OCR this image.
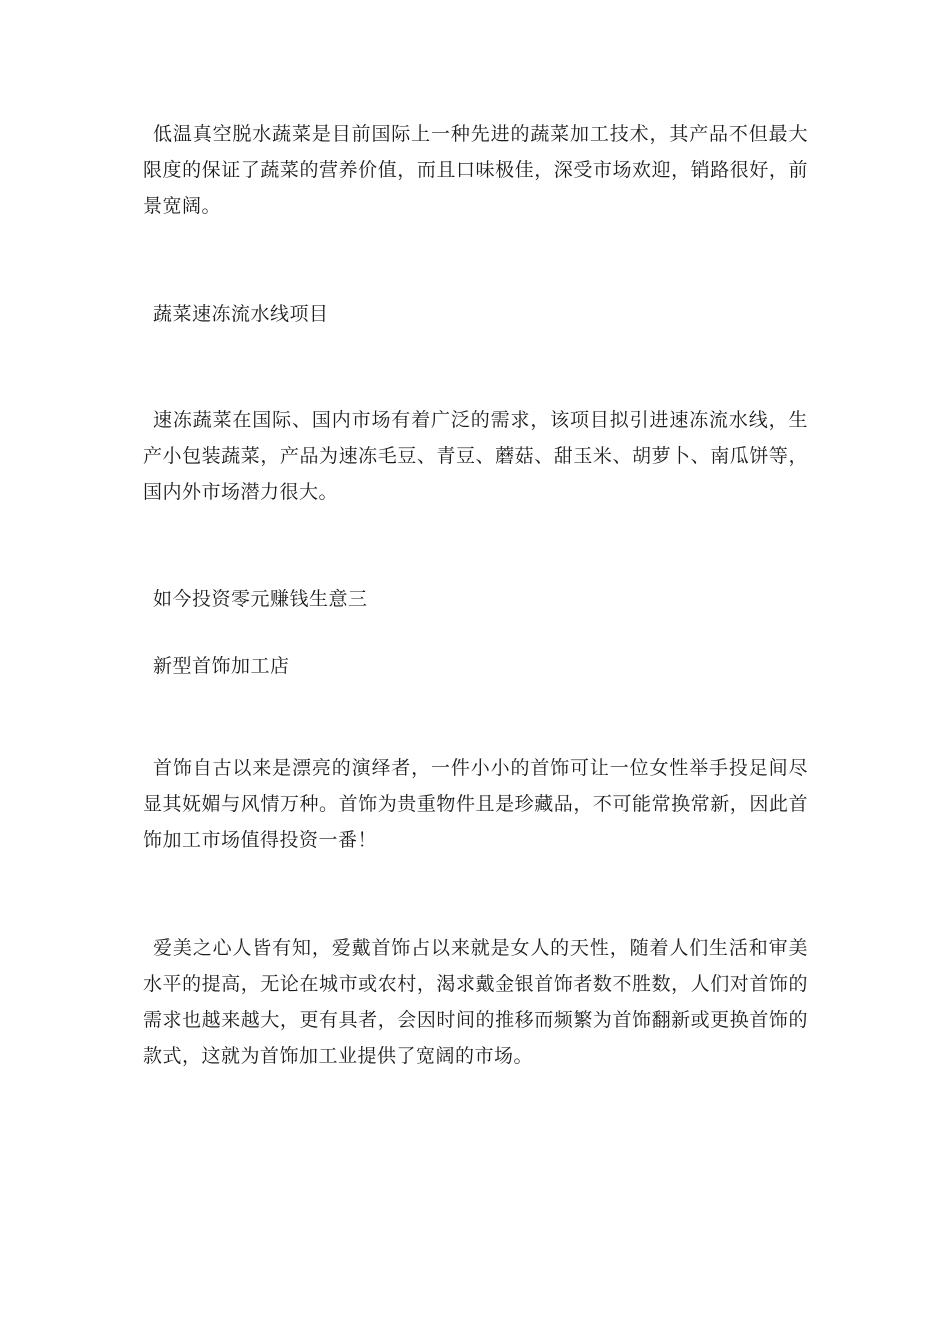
低温真空脱水蔬菜是目前国际上一种先进的蔬菜加工技术，其产品不但最大限度的保证了蔬菜的营养价值，而且口味极佳，深受市场欢迎，销路很好，前景宽阔。

蔬菜速冻流水线项目

速冻蔬菜在国际、国内市场有着广泛的需求，该项目拟引进速冻流水线，生产小包装蔬菜，产品为速冻毛豆、青豆、蘑菇、甜玉米、胡萝卜、南瓜饼等，国内外市场潜力很大。

如今投资零元赚钱生意三

新型首饰加工店

首饰自古以来是漂亮的演绎者，一件小小的首饰可让一位女性举手投足间尽显其妩媚与风情万种。首饰为贵重物件且是珍藏品，不可能常换常新，因此首饰加工市场值得投资一番！

爱美之心人皆有知，爱戴首饰占以来就是女人的天性，随着人们生活和审美水平的提高，无论在城市或农村，渴求戴金银首饰者数不胜数，人们对首饰的需求也越来越大，更有具者，会因时间的推移而频繁为首饰翻新或更换首饰的款式，这就为首饰加工业提供了宽阔的市场。
